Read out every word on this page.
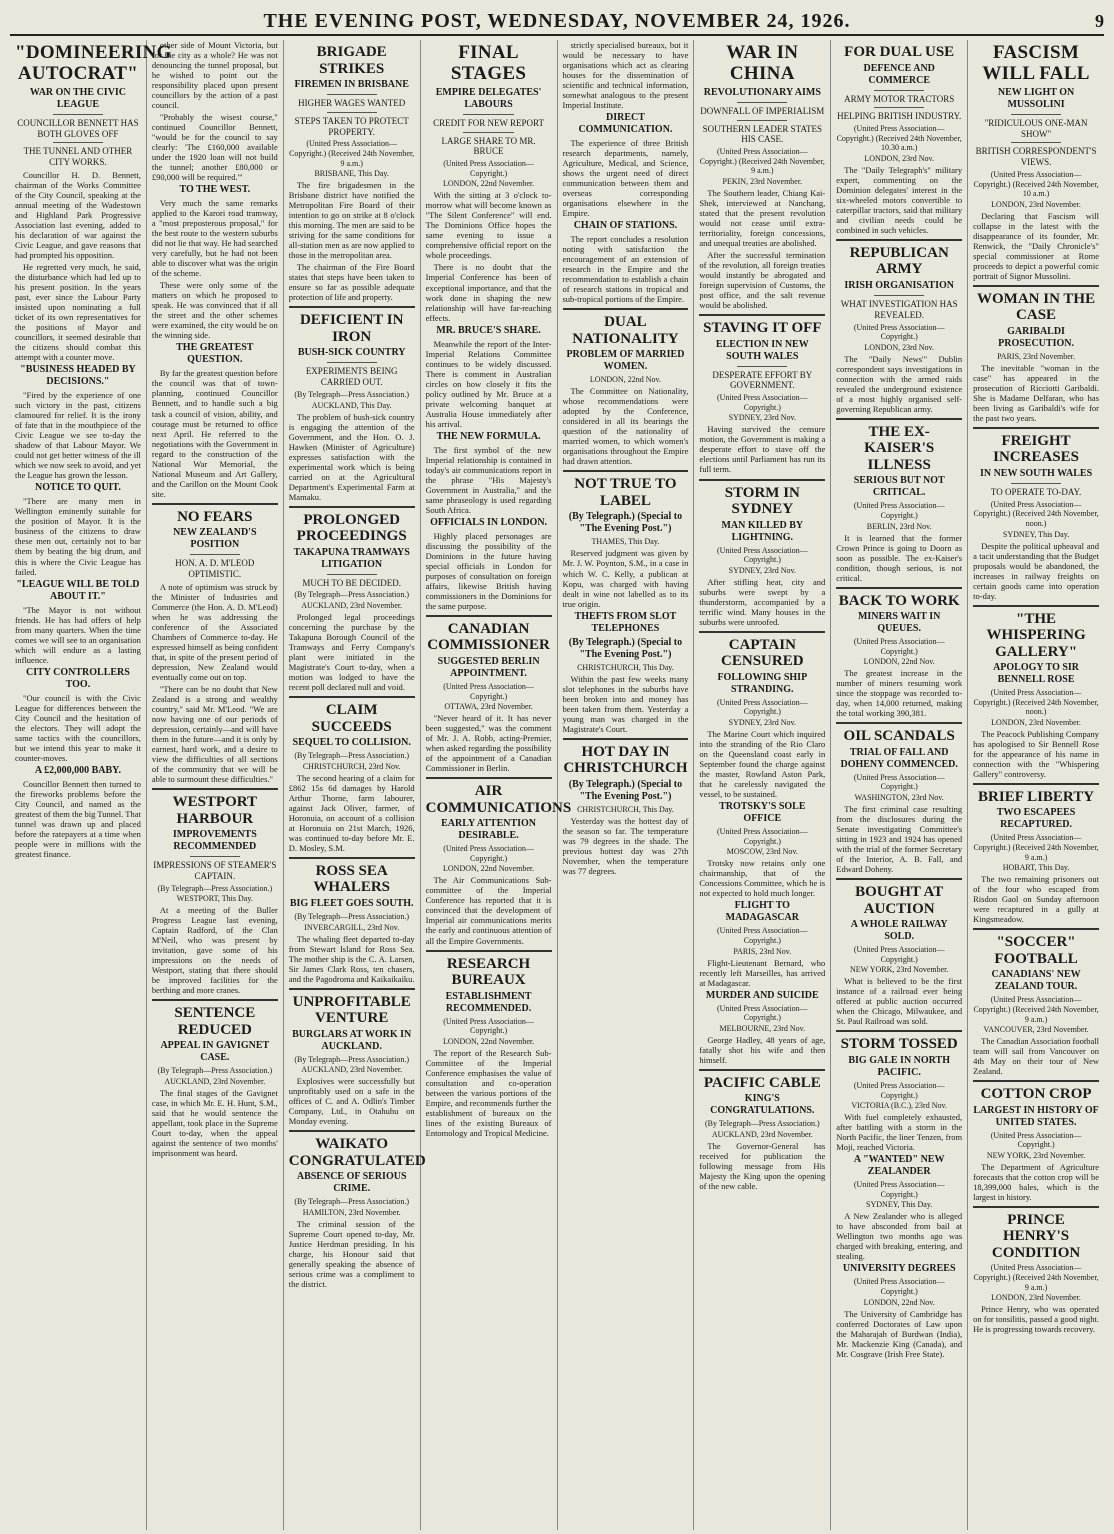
THE EVENING POST, WEDNESDAY, NOVEMBER 24, 1926.	9
"DOMINEERING AUTOCRAT"
WAR ON THE CIVIC LEAGUE
COUNCILLOR BENNETT HAS BOTH GLOVES OFF
THE TUNNEL AND OTHER CITY WORKS.

Councillor H. D. Bennett, chairman of the Works Committee of the City Council, speaking at the annual meeting of the Wadestown and Highland Park Progressive Association last evening, added to his declaration of war against the Civic League, and gave reasons that had prompted his opposition.

He regretted very much, he said, the disturbance which had led up to his present position. In the years past, ever since the Labour Party insisted upon nominating a full ticket of its own representatives for the positions of Mayor and councillors, it seemed desirable that the citizens should combat this attempt with a counter move.

"BUSINESS HEADED BY DECISIONS."

"Fired by the experience of one such victory in the past, citizens clamoured for relief. It is the irony of fate that in the mouthpiece of the Civic League we see to-day the shadow of that Labour Mayor. We could not get better witness of the ill which we now seek to avoid, and yet the League has grown the lesson.

NOTICE TO QUIT.

"There are many men in Wellington eminently suitable for the position of Mayor. It is the business of the citizens to draw these men out, certainly not to bar them by beating the big drum, and this is where the Civic League has failed.

"LEAGUE WILL BE TOLD ABOUT IT."

"The Mayor is not without friends. He has had offers of help from many quarters. When the time comes we will see to an organisation which will endure as a lasting influence.

CITY CONTROLLERS TOO.

"Our council is with the Civic League for differences between the City Council and the hesitation of the electors. They will adopt the same tactics with the councillors, but we intend this year to make it counter-moves.

A £2,000,000 BABY.

Councillor Bennett then turned to the fireworks problems before the City Council, and named as the greatest of them the big Tunnel. That tunnel was drawn up and placed before the ratepayers at a time when people were in millions with the greatest finance.

other side of Mount Victoria, but for the city as a whole? He was not denouncing the tunnel proposal, but he wished to point out the responsibility placed upon present councillors by the action of a past council.

"Probably the wisest course," continued Councillor Bennett, "would be for the council to say clearly: 'The £160,000 available under the 1920 loan will not build the tunnel; another £80,000 or £90,000 will be required.'"

TO THE WEST.

Very much the same remarks applied to the Karori road tramway, a "most preposterous proposal," for the best route to the western suburbs did not lie that way. He had searched very carefully, but he had not been able to discover what was the origin of the scheme.

These were only some of the matters on which he proposed to speak. He was convinced that if all the street and the other schemes were examined, the city would be on the winning side.

THE GREATEST QUESTION.

By far the greatest question before the council was that of town-planning, continued Councillor Bennett, and to handle such a big task a council of vision, ability, and courage must be returned to office next April. He referred to the negotiations with the Government in regard to the construction of the National War Memorial, the National Museum and Art Gallery, and the Carillon on the Mount Cook site.

NO FEARS
NEW ZEALAND'S POSITION
HON. A. D. M'LEOD OPTIMISTIC.

A note of optimism was struck by the Minister of Industries and Commerce (the Hon. A. D. M'Leod) when he was addressing the conference of the Associated Chambers of Commerce to-day. He expressed himself as being confident that, in spite of the present period of depression, New Zealand would eventually come out on top.

"There can be no doubt that New Zealand is a strong and wealthy country," said Mr. M'Leod. "We are now having one of our periods of depression, certainly—and will have them in the future—and it is only by earnest, hard work, and a desire to view the difficulties of all sections of the community that we will be able to surmount these difficulties."

WESTPORT HARBOUR
IMPROVEMENTS RECOMMENDED
IMPRESSIONS OF STEAMER'S CAPTAIN.
(By Telegraph—Press Association.)
WESTPORT, This Day.

At a meeting of the Buller Progress League last evening, Captain Radford, of the Clan M'Neil, who was present by invitation, gave some of his impressions on the needs of Westport, stating that there should be improved facilities for the berthing and more cranes.

SENTENCE REDUCED
APPEAL IN GAVIGNET CASE.
(By Telegraph—Press Association.)
AUCKLAND, 23rd November.

The final stages of the Gavignet case, in which Mr. E. H. Hunt, S.M., said that he would sentence the appellant, took place in the Supreme Court to-day, when the appeal against the sentence of two months' imprisonment was heard.

BRIGADE STRIKES
FIREMEN IN BRISBANE
HIGHER WAGES WANTED
STEPS TAKEN TO PROTECT PROPERTY.
(United Press Association—Copyright.) (Received 24th November, 9 a.m.)
BRISBANE, This Day.

The fire brigadesmen in the Brisbane district have notified the Metropolitan Fire Board of their intention to go on strike at 8 o'clock this morning. The men are said to be striving for the same conditions for all-station men as are now applied to those in the metropolitan area.

The chairman of the Fire Board states that steps have been taken to ensure so far as possible adequate protection of life and property.

DEFICIENT IN IRON
BUSH-SICK COUNTRY
EXPERIMENTS BEING CARRIED OUT.
(By Telegraph—Press Association.)
AUCKLAND, This Day.

The problem of bush-sick country is engaging the attention of the Government, and the Hon. O. J. Hawken (Minister of Agriculture) expresses satisfaction with the experimental work which is being carried on at the Agricultural Department's Experimental Farm at Mamaku.

PROLONGED PROCEEDINGS
TAKAPUNA TRAMWAYS LITIGATION
MUCH TO BE DECIDED.
(By Telegraph—Press Association.)
AUCKLAND, 23rd November.

Prolonged legal proceedings concerning the purchase by the Takapuna Borough Council of the Tramways and Ferry Company's plant were initiated in the Magistrate's Court to-day, when a motion was lodged to have the recent poll declared null and void.

CLAIM SUCCEEDS
SEQUEL TO COLLISION.
(By Telegraph—Press Association.)
CHRISTCHURCH, 23rd Nov.

The second hearing of a claim for £862 15s 6d damages by Harold Arthur Thorne, farm labourer, against Jack Oliver, farmer, of Horonuia, on account of a collision at Horonuia on 21st March, 1926, was continued to-day before Mr. E. D. Mosley, S.M.

ROSS SEA WHALERS
BIG FLEET GOES SOUTH.
(By Telegraph—Press Association.)
INVERCARGILL, 23rd Nov.

The whaling fleet departed to-day from Stewart Island for Ross Sea. The mother ship is the C. A. Larsen, Sir James Clark Ross, ten chasers, and the Pagodroma and Kaikaikaiku.

UNPROFITABLE VENTURE
BURGLARS AT WORK IN AUCKLAND.
(By Telegraph—Press Association.)
AUCKLAND, 23rd November.

Explosives were successfully but unprofitably used on a safe in the offices of C. and A. Odlin's Timber Company, Ltd., in Otahuhu on Monday evening.

WAIKATO CONGRATULATED
ABSENCE OF SERIOUS CRIME.
(By Telegraph—Press Association.)
HAMILTON, 23rd November.

The criminal session of the Supreme Court opened to-day, Mr. Justice Herdman presiding. In his charge, his Honour said that generally speaking the absence of serious crime was a compliment to the district.

FINAL STAGES
EMPIRE DELEGATES' LABOURS
CREDIT FOR NEW REPORT
LARGE SHARE TO MR. BRUCE
(United Press Association—Copyright.)
LONDON, 22nd November.

With the sitting at 3 o'clock to-morrow what will become known as "The Silent Conference" will end. The Dominions Office hopes the same evening to issue a comprehensive official report on the whole proceedings.

There is no doubt that the Imperial Conference has been of exceptional importance, and that the work done in shaping the new relationship will have far-reaching effects.

MR. BRUCE'S SHARE.

Meanwhile the report of the Inter-Imperial Relations Committee continues to be widely discussed. There is comment in Australian circles on how closely it fits the policy outlined by Mr. Bruce at a private welcoming banquet at Australia House immediately after his arrival.

THE NEW FORMULA.

The first symbol of the new Imperial relationship is contained in today's air communications report in the phrase "His Majesty's Government in Australia," and the same phraseology is used regarding South Africa.

OFFICIALS IN LONDON.

Highly placed personages are discussing the possibility of the Dominions in the future having special officials in London for purposes of consultation on foreign affairs, likewise British having commissioners in the Dominions for the same purpose.

CANADIAN COMMISSIONER
SUGGESTED BERLIN APPOINTMENT.
(United Press Association—Copyright.)
OTTAWA, 23rd November.

"Never heard of it. It has never been suggested," was the comment of Mr. J. A. Robb, acting-Premier, when asked regarding the possibility of the appointment of a Canadian Commissioner in Berlin.

AIR COMMUNICATIONS
EARLY ATTENTION DESIRABLE.
(United Press Association—Copyright.)
LONDON, 22nd November.

The Air Communications Sub-committee of the Imperial Conference has reported that it is convinced that the development of Imperial air communications merits the early and continuous attention of all the Empire Governments.

RESEARCH BUREAUX
ESTABLISHMENT RECOMMENDED.
(United Press Association—Copyright.)
LONDON, 22nd November.

The report of the Research Sub-Committee of the Imperial Conference emphasises the value of consultation and co-operation between the various portions of the Empire, and recommends further the establishment of bureaux on the lines of the existing Bureaux of Entomology and Tropical Medicine.

strictly specialised bureaux, but it would be necessary to have organisations which act as clearing houses for the dissemination of scientific and technical information, somewhat analogous to the present Imperial Institute.

DIRECT COMMUNICATION.

The experience of three British research departments, namely, Agriculture, Medical, and Science, shows the urgent need of direct communication between them and overseas corresponding organisations elsewhere in the Empire.

CHAIN OF STATIONS.

The report concludes a resolution noting with satisfaction the encouragement of an extension of research in the Empire and the recommendation to establish a chain of research stations in tropical and sub-tropical portions of the Empire.

DUAL NATIONALITY
PROBLEM OF MARRIED WOMEN.
LONDON, 22nd Nov.

The Committee on Nationality, whose recommendations were adopted by the Conference, considered in all its bearings the question of the nationality of married women, to which women's organisations throughout the Empire had drawn attention.

NOT TRUE TO LABEL
(By Telegraph.) (Special to "The Evening Post.")
THAMES, This Day.

Reserved judgment was given by Mr. J. W. Poynton, S.M., in a case in which W. C. Kelly, a publican at Kopu, was charged with having dealt in wine not labelled as to its true origin.

THEFTS FROM SLOT TELEPHONES
(By Telegraph.) (Special to "The Evening Post.")
CHRISTCHURCH, This Day.

Within the past few weeks many slot telephones in the suburbs have been broken into and money has been taken from them. Yesterday a young man was charged in the Magistrate's Court.

HOT DAY IN CHRISTCHURCH
(By Telegraph.) (Special to "The Evening Post.")
CHRISTCHURCH, This Day.

Yesterday was the hottest day of the season so far. The temperature was 79 degrees in the shade. The previous hottest day was 27th November, when the temperature was 77 degrees.

WAR IN CHINA
REVOLUTIONARY AIMS
DOWNFALL OF IMPERIALISM
SOUTHERN LEADER STATES HIS CASE.
(United Press Association—Copyright.) (Received 24th November, 9 a.m.)
PEKIN, 23rd November.

The Southern leader, Chiang Kai-Shek, interviewed at Nanchang, stated that the present revolution would not cease until extra-territoriality, foreign concessions, and unequal treaties are abolished.

After the successful termination of the revolution, all foreign treaties would instantly be abrogated and foreign supervision of Customs, the post office, and the salt revenue would be abolished.

STAVING IT OFF
ELECTION IN NEW SOUTH WALES
DESPERATE EFFORT BY GOVERNMENT.
(United Press Association—Copyright.)
SYDNEY, 23rd Nov.

Having survived the censure motion, the Government is making a desperate effort to stave off the elections until Parliament has run its full term.

STORM IN SYDNEY
MAN KILLED BY LIGHTNING.
(United Press Association—Copyright.)
SYDNEY, 23rd Nov.

After stifling heat, city and suburbs were swept by a thunderstorm, accompanied by a terrific wind. Many houses in the suburbs were unroofed.

CAPTAIN CENSURED
FOLLOWING SHIP STRANDING.
(United Press Association—Copyright.)
SYDNEY, 23rd Nov.

The Marine Court which inquired into the stranding of the Rio Claro on the Queensland coast early in September found the charge against the master, Rowland Aston Park, that he carelessly navigated the vessel, to be sustained.

TROTSKY'S SOLE OFFICE
(United Press Association—Copyright.)
MOSCOW, 23rd Nov.

Trotsky now retains only one chairmanship, that of the Concessions Committee, which he is not expected to hold much longer.

FLIGHT TO MADAGASCAR
(United Press Association—Copyright.)
PARIS, 23rd Nov.

Flight-Lieutenant Bernard, who recently left Marseilles, has arrived at Madagascar.

MURDER AND SUICIDE
(United Press Association—Copyright.)
MELBOURNE, 23rd Nov.

George Hadley, 48 years of age, fatally shot his wife and then himself.

PACIFIC CABLE
KING'S CONGRATULATIONS.
(By Telegraph—Press Association.)
AUCKLAND, 23rd November.

The Governor-General has received for publication the following message from His Majesty the King upon the opening of the new cable.

FOR DUAL USE
DEFENCE AND COMMERCE
ARMY MOTOR TRACTORS
HELPING BRITISH INDUSTRY.
(United Press Association—Copyright.) (Received 24th November, 10.30 a.m.)
LONDON, 23rd Nov.

The "Daily Telegraph's" military expert, commenting on the Dominion delegates' interest in the six-wheeled motors convertible to caterpillar tractors, said that military and civilian needs could be combined in such vehicles.

REPUBLICAN ARMY
IRISH ORGANISATION
WHAT INVESTIGATION HAS REVEALED.
(United Press Association—Copyright.)
LONDON, 23rd Nov.

The "Daily News'" Dublin correspondent says investigations in connection with the armed raids revealed the underground existence of a most highly organised self-governing Republican army.

THE EX-KAISER'S ILLNESS
SERIOUS BUT NOT CRITICAL.
(United Press Association—Copyright.)
BERLIN, 23rd Nov.

It is learned that the former Crown Prince is going to Doorn as soon as possible. The ex-Kaiser's condition, though serious, is not critical.

BACK TO WORK
MINERS WAIT IN QUEUES.
(United Press Association—Copyright.)
LONDON, 22nd Nov.

The greatest increase in the number of miners resuming work since the stoppage was recorded to-day, when 14,000 returned, making the total working 390,381.

OIL SCANDALS
TRIAL OF FALL AND DOHENY COMMENCED.
(United Press Association—Copyright.)
WASHINGTON, 23rd Nov.

The first criminal case resulting from the disclosures during the Senate investigating Committee's sitting in 1923 and 1924 has opened with the trial of the former Secretary of the Interior, A. B. Fall, and Edward Doheny.

BOUGHT AT AUCTION
A WHOLE RAILWAY SOLD.
(United Press Association—Copyright.)
NEW YORK, 23rd November.

What is believed to be the first instance of a railroad ever being offered at public auction occurred when the Chicago, Milwaukee, and St. Paul Railroad was sold.

STORM TOSSED
BIG GALE IN NORTH PACIFIC.
(United Press Association—Copyright.)
VICTORIA (B.C.), 23rd Nov.

With fuel completely exhausted, after battling with a storm in the North Pacific, the liner Tenzen, from Moji, reached Victoria.

A "WANTED" NEW ZEALANDER
(United Press Association—Copyright.)
SYDNEY, This Day.

A New Zealander who is alleged to have absconded from bail at Wellington two months ago was charged with breaking, entering, and stealing.

UNIVERSITY DEGREES
(United Press Association—Copyright.)
LONDON, 22nd Nov.

The University of Cambridge has conferred Doctorates of Law upon the Maharajah of Burdwan (India), Mr. Mackenzie King (Canada), and Mr. Cosgrave (Irish Free State).

FASCISM WILL FALL
NEW LIGHT ON MUSSOLINI
"RIDICULOUS ONE-MAN SHOW"
BRITISH CORRESPONDENT'S VIEWS.
(United Press Association—Copyright.) (Received 24th November, 10 a.m.)
LONDON, 23rd November.

Declaring that Fascism will collapse in the latest with the disappearance of its founder, Mr. Renwick, the "Daily Chronicle's" special commissioner at Rome proceeds to depict a powerful comic portrait of Signor Mussolini.

WOMAN IN THE CASE
GARIBALDI PROSECUTION.
PARIS, 23rd November.

The inevitable "woman in the case" has appeared in the prosecution of Ricciotti Garibaldi. She is Madame Delfaran, who has been living as Garibaldi's wife for the past two years.

FREIGHT INCREASES
IN NEW SOUTH WALES
TO OPERATE TO-DAY.
(United Press Association—Copyright.) (Received 24th November, noon.)
SYDNEY, This Day.

Despite the political upheaval and a tacit understanding that the Budget proposals would be abandoned, the increases in railway freights on certain goods came into operation to-day.

"THE WHISPERING GALLERY"
APOLOGY TO SIR BENNELL ROSE
(United Press Association—Copyright.) (Received 24th November, noon.)
LONDON, 23rd November.

The Peacock Publishing Company has apologised to Sir Bennell Rose for the appearance of his name in connection with the "Whispering Gallery" controversy.

BRIEF LIBERTY
TWO ESCAPEES RECAPTURED.
(United Press Association—Copyright.) (Received 24th November, 9 a.m.)
HOBART, This Day.

The two remaining prisoners out of the four who escaped from Risdon Gaol on Sunday afternoon were recaptured in a gully at Kingsmeadow.

"SOCCER" FOOTBALL
CANADIANS' NEW ZEALAND TOUR.
(United Press Association—Copyright.) (Received 24th November, 9 a.m.)
VANCOUVER, 23rd November.

The Canadian Association football team will sail from Vancouver on 4th May on their tour of New Zealand.

COTTON CROP
LARGEST IN HISTORY OF UNITED STATES.
(United Press Association—Copyright.)
NEW YORK, 23rd November.

The Department of Agriculture forecasts that the cotton crop will be 18,399,000 bales, which is the largest in history.

PRINCE HENRY'S CONDITION
(United Press Association—Copyright.) (Received 24th November, 9 a.m.)
LONDON, 23rd November.

Prince Henry, who was operated on for tonsilitis, passed a good night. He is progressing towards recovery.
